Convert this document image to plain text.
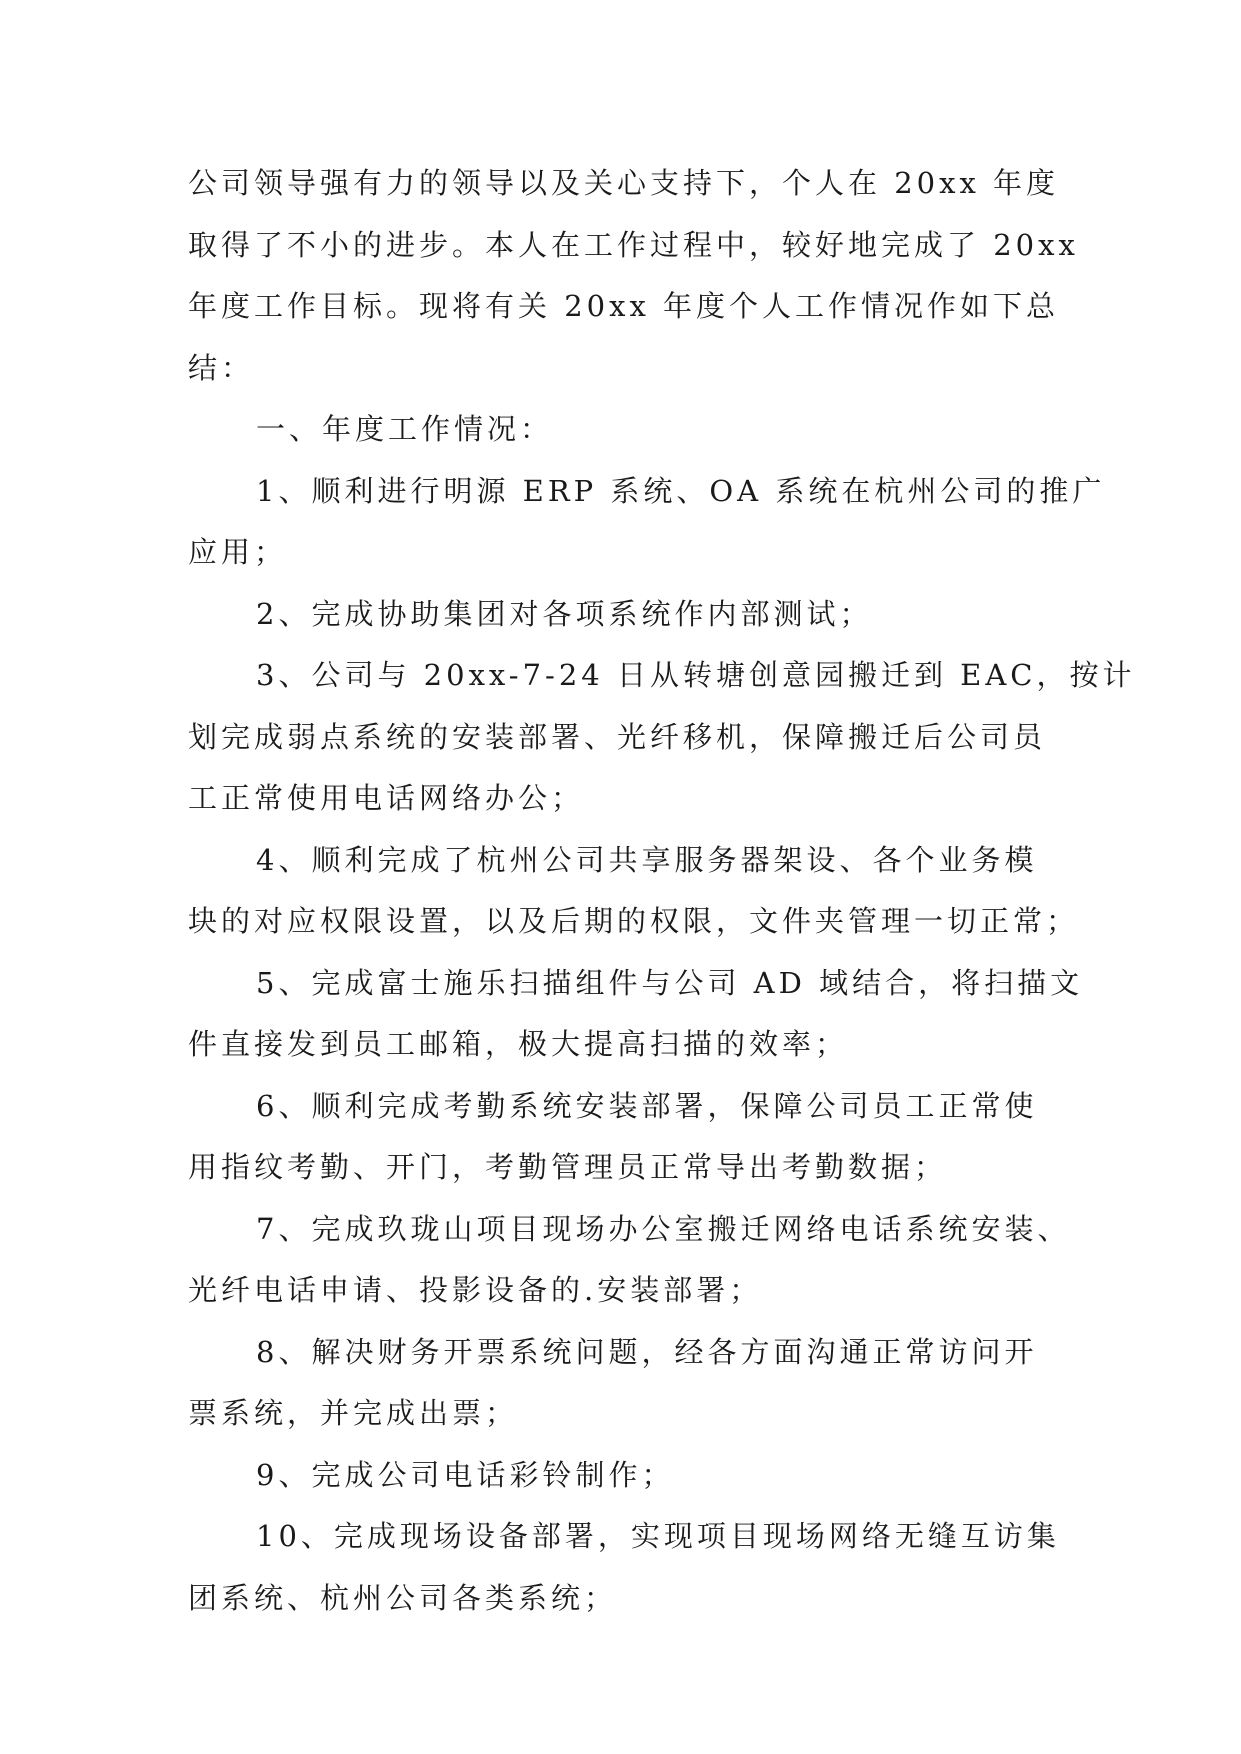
公司领导强有力的领导以及关心支持下，个人在 20xx 年度
取得了不小的进步。本人在工作过程中，较好地完成了 20xx
年度工作目标。现将有关 20xx 年度个人工作情况作如下总
结：
一、年度工作情况：
1、顺利进行明源 ERP 系统、OA 系统在杭州公司的推广
应用；
2、完成协助集团对各项系统作内部测试；
3、公司与 20xx-7-24 日从转塘创意园搬迁到 EAC，按计
划完成弱点系统的安装部署、光纤移机，保障搬迁后公司员
工正常使用电话网络办公；
4、顺利完成了杭州公司共享服务器架设、各个业务模
块的对应权限设置，以及后期的权限，文件夹管理一切正常；
5、完成富士施乐扫描组件与公司 AD 域结合，将扫描文
件直接发到员工邮箱，极大提高扫描的效率；
6、顺利完成考勤系统安装部署，保障公司员工正常使
用指纹考勤、开门，考勤管理员正常导出考勤数据；
7、完成玖珑山项目现场办公室搬迁网络电话系统安装、
光纤电话申请、投影设备的.安装部署；
8、解决财务开票系统问题，经各方面沟通正常访问开
票系统，并完成出票；
9、完成公司电话彩铃制作；
10、完成现场设备部署，实现项目现场网络无缝互访集
团系统、杭州公司各类系统；
